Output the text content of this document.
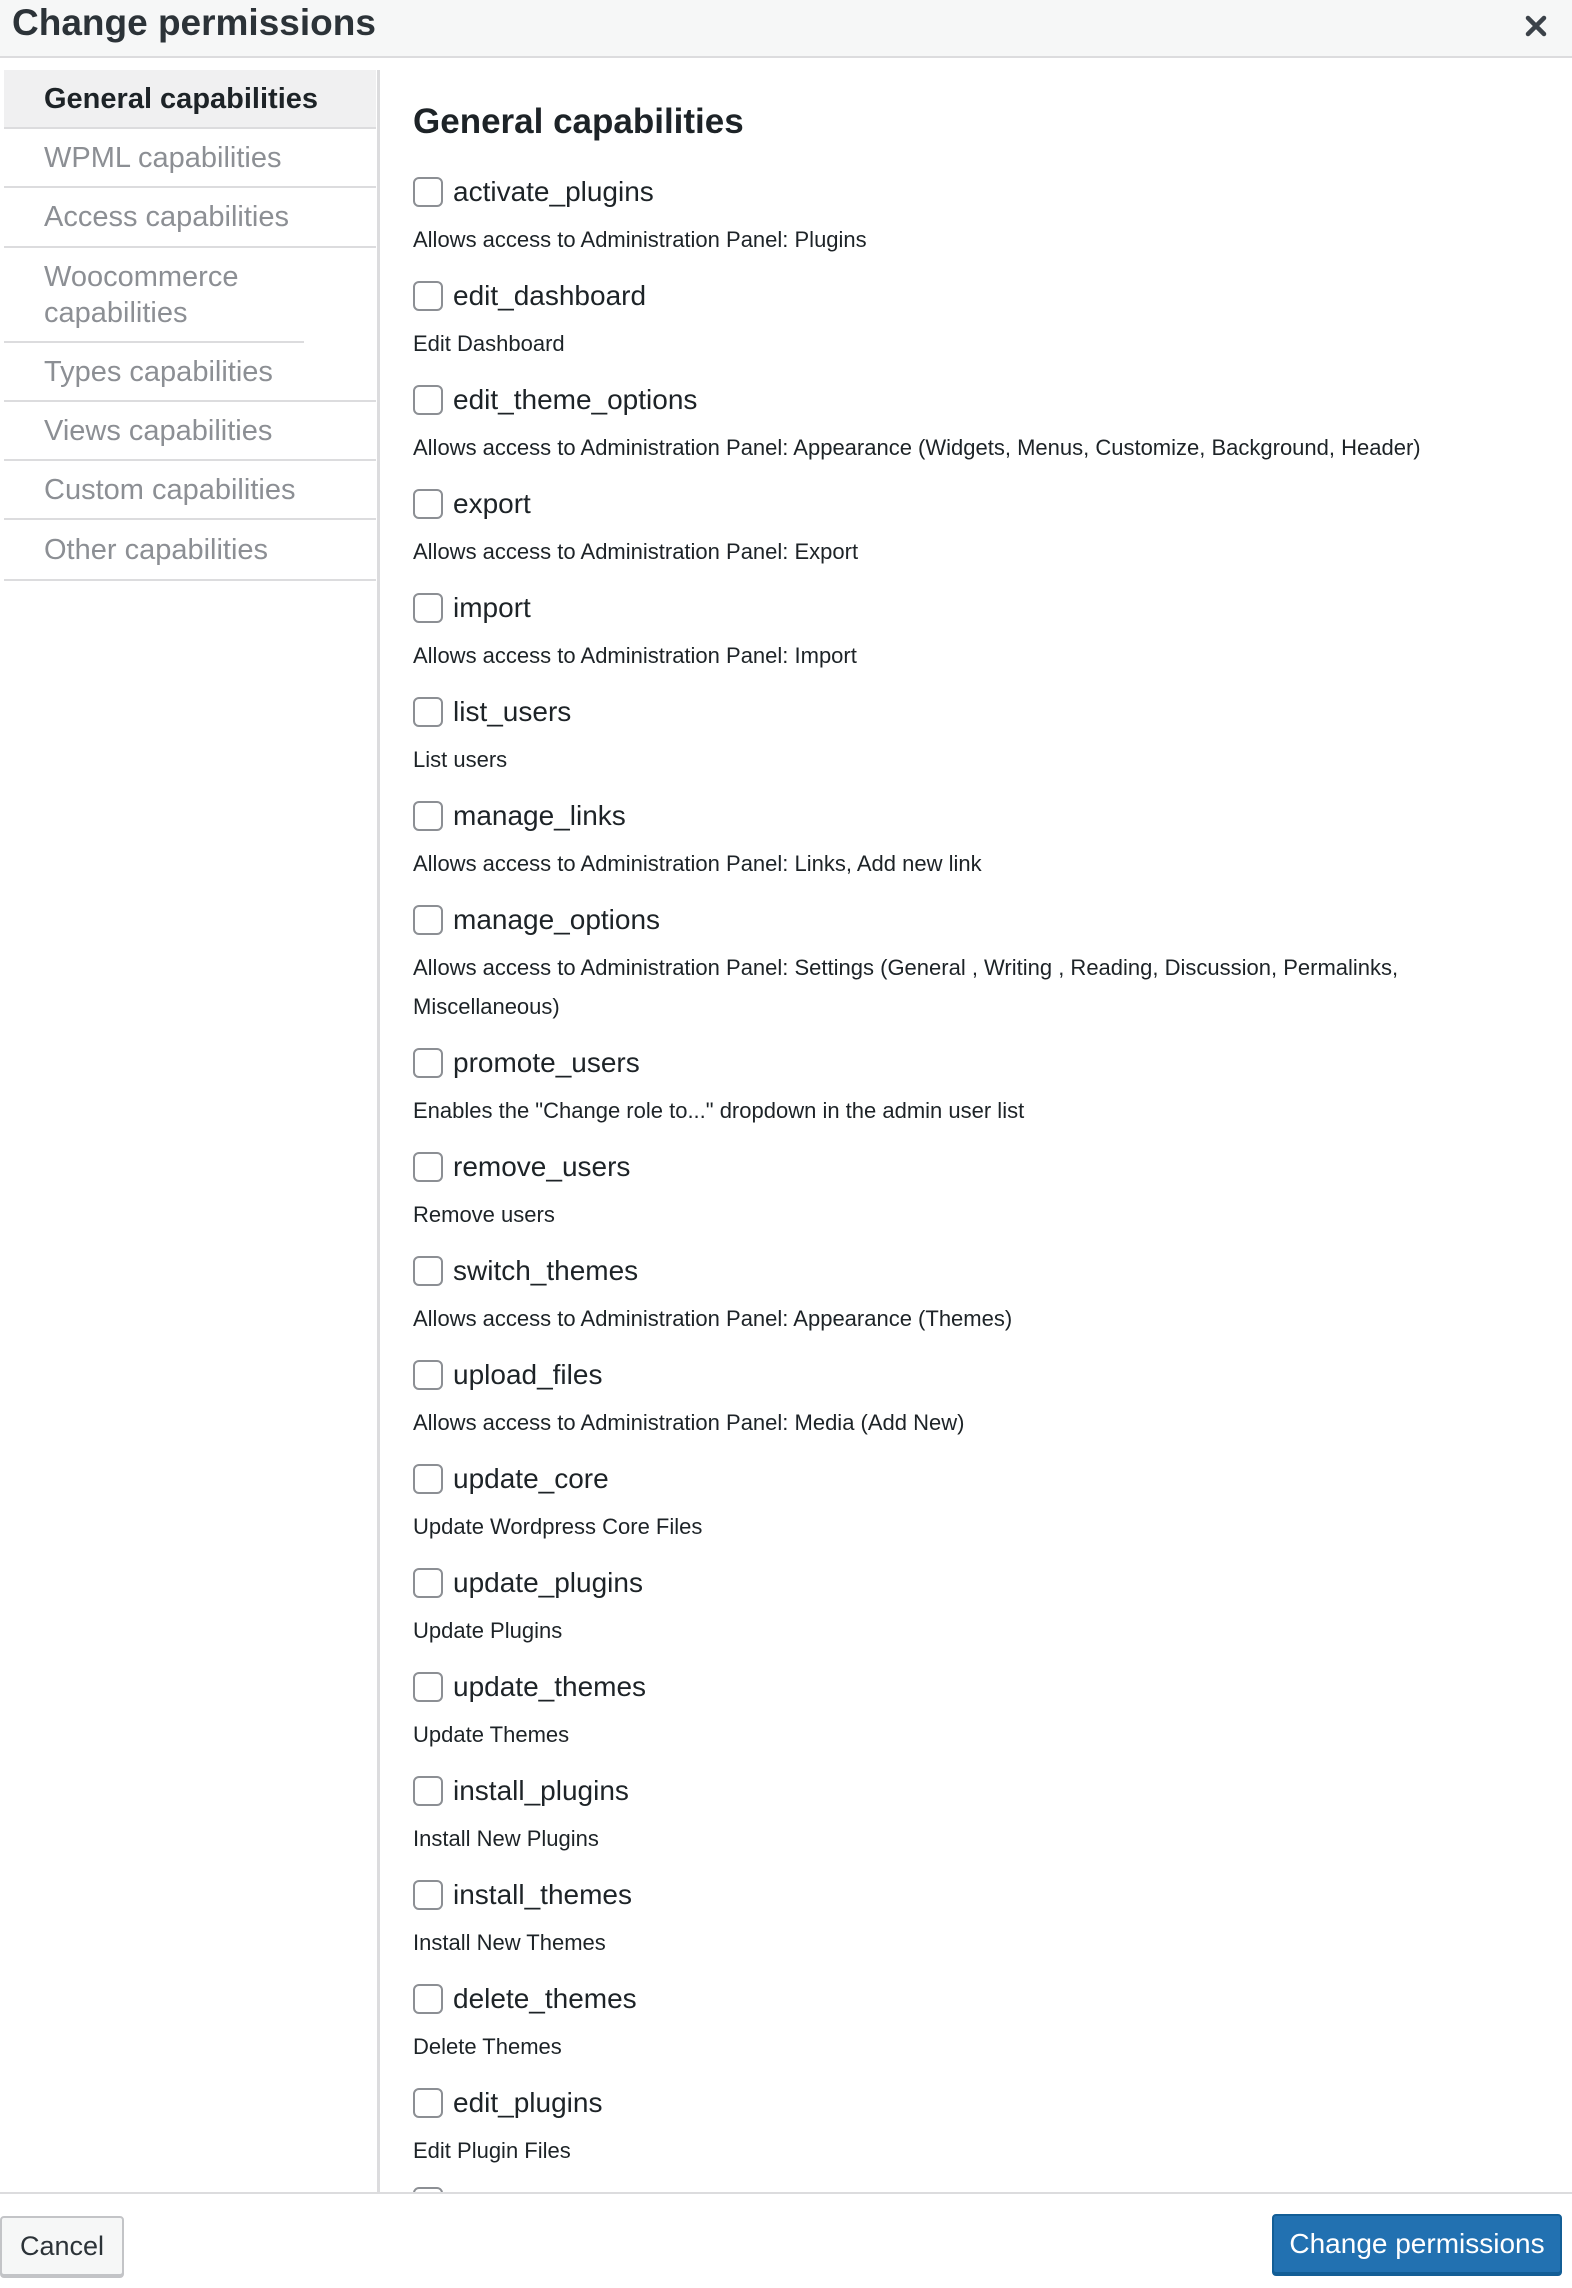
Change permissions
General capabilities
WPML capabilities
Access capabilities
Woocommerce capabilities
Types capabilities
Views capabilities
Custom capabilities
Other capabilities
General capabilities
activate_plugins
Allows access to Administration Panel: Plugins
edit_dashboard
Edit Dashboard
edit_theme_options
Allows access to Administration Panel: Appearance (Widgets, Menus, Customize, Background, Header)
export
Allows access to Administration Panel: Export
import
Allows access to Administration Panel: Import
list_users
List users
manage_links
Allows access to Administration Panel: Links, Add new link
manage_options
Allows access to Administration Panel: Settings (General , Writing , Reading, Discussion, Permalinks, Miscellaneous)
promote_users
Enables the "Change role to..." dropdown in the admin user list
remove_users
Remove users
switch_themes
Allows access to Administration Panel: Appearance (Themes)
upload_files
Allows access to Administration Panel: Media (Add New)
update_core
Update Wordpress Core Files
update_plugins
Update Plugins
update_themes
Update Themes
install_plugins
Install New Plugins
install_themes
Install New Themes
delete_themes
Delete Themes
edit_plugins
Edit Plugin Files
Cancel	Change permissions
